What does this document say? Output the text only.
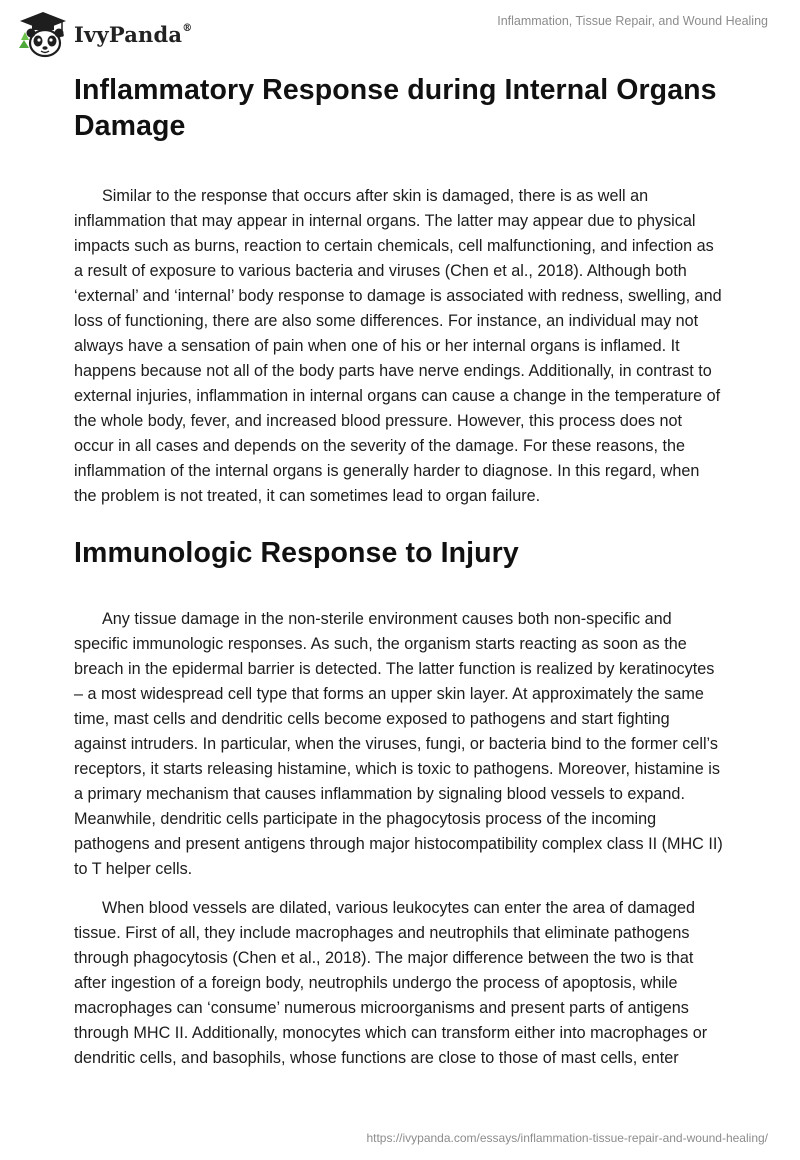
IvyPanda®	Inflammation, Tissue Repair, and Wound Healing
Inflammatory Response during Internal Organs Damage

Similar to the response that occurs after skin is damaged, there is as well an inflammation that may appear in internal organs. The latter may appear due to physical impacts such as burns, reaction to certain chemicals, cell malfunctioning, and infection as a result of exposure to various bacteria and viruses (Chen et al., 2018). Although both ‘external’ and ‘internal’ body response to damage is associated with redness, swelling, and loss of functioning, there are also some differences. For instance, an individual may not always have a sensation of pain when one of his or her internal organs is inflamed. It happens because not all of the body parts have nerve endings. Additionally, in contrast to external injuries, inflammation in internal organs can cause a change in the temperature of the whole body, fever, and increased blood pressure. However, this process does not occur in all cases and depends on the severity of the damage. For these reasons, the inflammation of the internal organs is generally harder to diagnose. In this regard, when the problem is not treated, it can sometimes lead to organ failure.

Immunologic Response to Injury

Any tissue damage in the non-sterile environment causes both non-specific and specific immunologic responses. As such, the organism starts reacting as soon as the breach in the epidermal barrier is detected. The latter function is realized by keratinocytes – a most widespread cell type that forms an upper skin layer. At approximately the same time, mast cells and dendritic cells become exposed to pathogens and start fighting against intruders. In particular, when the viruses, fungi, or bacteria bind to the former cell’s receptors, it starts releasing histamine, which is toxic to pathogens. Moreover, histamine is a primary mechanism that causes inflammation by signaling blood vessels to expand. Meanwhile, dendritic cells participate in the phagocytosis process of the incoming pathogens and present antigens through major histocompatibility complex class II (MHC II) to T helper cells.

When blood vessels are dilated, various leukocytes can enter the area of damaged tissue. First of all, they include macrophages and neutrophils that eliminate pathogens through phagocytosis (Chen et al., 2018). The major difference between the two is that after ingestion of a foreign body, neutrophils undergo the process of apoptosis, while macrophages can ‘consume’ numerous microorganisms and present parts of antigens through MHC II. Additionally, monocytes which can transform either into macrophages or dendritic cells, and basophils, whose functions are close to those of mast cells, enter

https://ivypanda.com/essays/inflammation-tissue-repair-and-wound-healing/
